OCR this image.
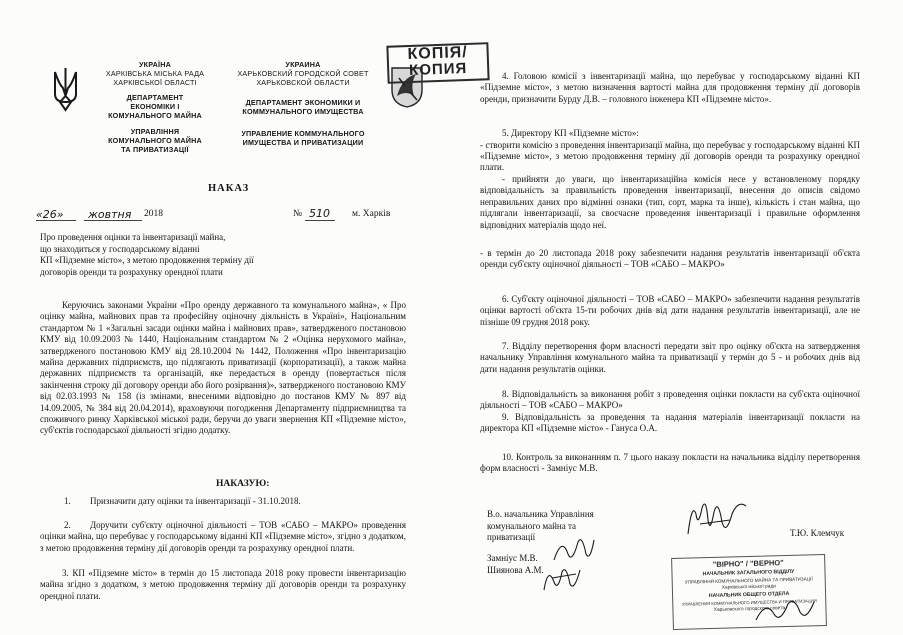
УКРАЇНА
ХАРКІВСЬКА МІСЬКА РАДА
ХАРКІВСЬКОЇ ОБЛАСТІ
ДЕПАРТАМЕНТ
ЕКОНОМІКИ І
КОМУНАЛЬНОГО МАЙНА
УПРАВЛІННЯ
КОМУНАЛЬНОГО МАЙНА
ТА ПРИВАТИЗАЦІЇ
УКРАИНА
ХАРЬКОВСКИЙ ГОРОДСКОЙ СОВЕТ
ХАРЬКОВСКОЙ ОБЛАСТИ
ДЕПАРТАМЕНТ ЭКОНОМИКИ И
КОММУНАЛЬНОГО ИМУЩЕСТВА
УПРАВЛЕНИЕ КОММУНАЛЬНОГО
ИМУЩЕСТВА И ПРИВАТИЗАЦИИ
КОПІЯ/
КОПИЯ
НАКАЗ
«26» жовтня 2018	№ 510 м. Харків
Про проведення оцінки та інвентаризації майна,
що знаходиться у господарському віданні
КП «Підземне місто», з метою продовження терміну дії
договорів оренди та розрахунку орендної плати
Керуючись законами України «Про оренду державного та комунального майна», « Про оцінку майна, майнових прав та професійну оціночну діяльність в Україні», Національним стандартом № 1 «Загальні засади оцінки майна і майнових прав», затвердженого постановою КМУ від 10.09.2003 № 1440, Національним стандартом № 2 «Оцінка нерухомого майна», затвердженого постановою КМУ від 28.10.2004 № 1442, Положення «Про інвентаризацію майна державних підприємств, що підлягають приватизації (корпоратизації), а також майна державних підприємств та організацій, яке передається в оренду (повертається після закінчення строку дії договору оренди або його розірвання)», затвердженого постановою КМУ від 02.03.1993 № 158 (із змінами, внесеними відповідно до постанов КМУ № 897 від 14.09.2005, № 384 від 20.04.2014), враховуючи погодження Департаменту підприємництва та споживчого ринку Харківської міської ради, беручи до уваги звернення КП «Підземне місто», суб'єктів господарської діяльності згідно додатку.
НАКАЗУЮ:
1. Призначити дату оцінки та інвентаризації - 31.10.2018.
2.	Доручити суб'єкту оціночної діяльності – ТОВ «САБО – МАКРО» проведення оцінки майна, що перебуває у господарському віданні КП «Підземне місто», згідно з додатком, з метою продовження терміну дії договорів оренди та розрахунку орендної плати.
3. КП «Підземне місто» в термін до 15 листопада 2018 року провести інвентаризацію майна згідно з додатком, з метою продовження терміну дії договорів оренди та розрахунку орендної плати.
4. Головою комісії з інвентаризації майна, що перебуває у господарському віданні КП «Підземне місто», з метою визначення вартості майна для продовження терміну дії договорів оренди, призначити Бурду Д.В. – головного інженера КП «Підземне місто».
5. Директору КП «Підземне місто»:
- створити комісію з проведення інвентаризації майна, що перебуває у господарському віданні КП «Підземне місто», з метою продовження терміну дії договорів оренди та розрахунку орендної плати.
- прийняти до уваги, що інвентаризаційна комісія несе у встановленому порядку відповідальність за правильність проведення інвентаризації, внесення до описів свідомо неправильних даних про відмінні ознаки (тип, сорт, марка та інше), кількість і стан майна, що підлягали інвентаризації, за своєчасне проведення інвентаризації і правильне оформлення відповідних матеріалів щодо неї.
- в термін до 20 листопада 2018 року забезпечити надання результатів інвентаризації об'єкта оренди суб'єкту оціночної діяльності – ТОВ «САБО – МАКРО»
6. Суб'єкту оціночної діяльності – ТОВ «САБО – МАКРО» забезпечити надання результатів оцінки вартості об'єкта 15-ти робочих днів від дати надання результатів інвентаризації, але не пізніше 09 грудня 2018 року.
7. Відділу перетворення форм власності передати звіт про оцінку об'єкта на затвердження начальнику Управління комунального майна та приватизації у термін до 5 - и робочих днів від дати надання результатів оцінки.
8. Відповідальність за виконання робіт з проведення оцінки покласти на суб'єкта оціночної діяльності – ТОВ «САБО – МАКРО»
9. Відповідальність за проведення та надання матеріалів інвентаризації покласти на директора КП «Підземне місто» - Гануса О.А.
10. Контроль за виконанням п. 7 цього наказу покласти на начальника відділу перетворення форм власності - Замніус М.В.
В.о. начальника Управління
комунального майна та
приватизації	Т.Ю. Клемчук
Замніус М.В.
Шиянова А.М.
"ВІРНО" / "ВЕРНО"
НАЧАЛЬНИК ЗАГАЛЬНОГО ВІДДІЛУ
УПРАВЛІННЯ КОМУНАЛЬНОГО МАЙНА ТА ПРИВАТИЗАЦІЇ
Харківської міської ради
НАЧАЛЬНИК ОБЩЕГО ОТДЕЛА
УПРАВЛЕНИЯ КОММУНАЛЬНОГО ИМУЩЕСТВА И ПРИВАТИЗАЦИИ
Харьковского городского совета
